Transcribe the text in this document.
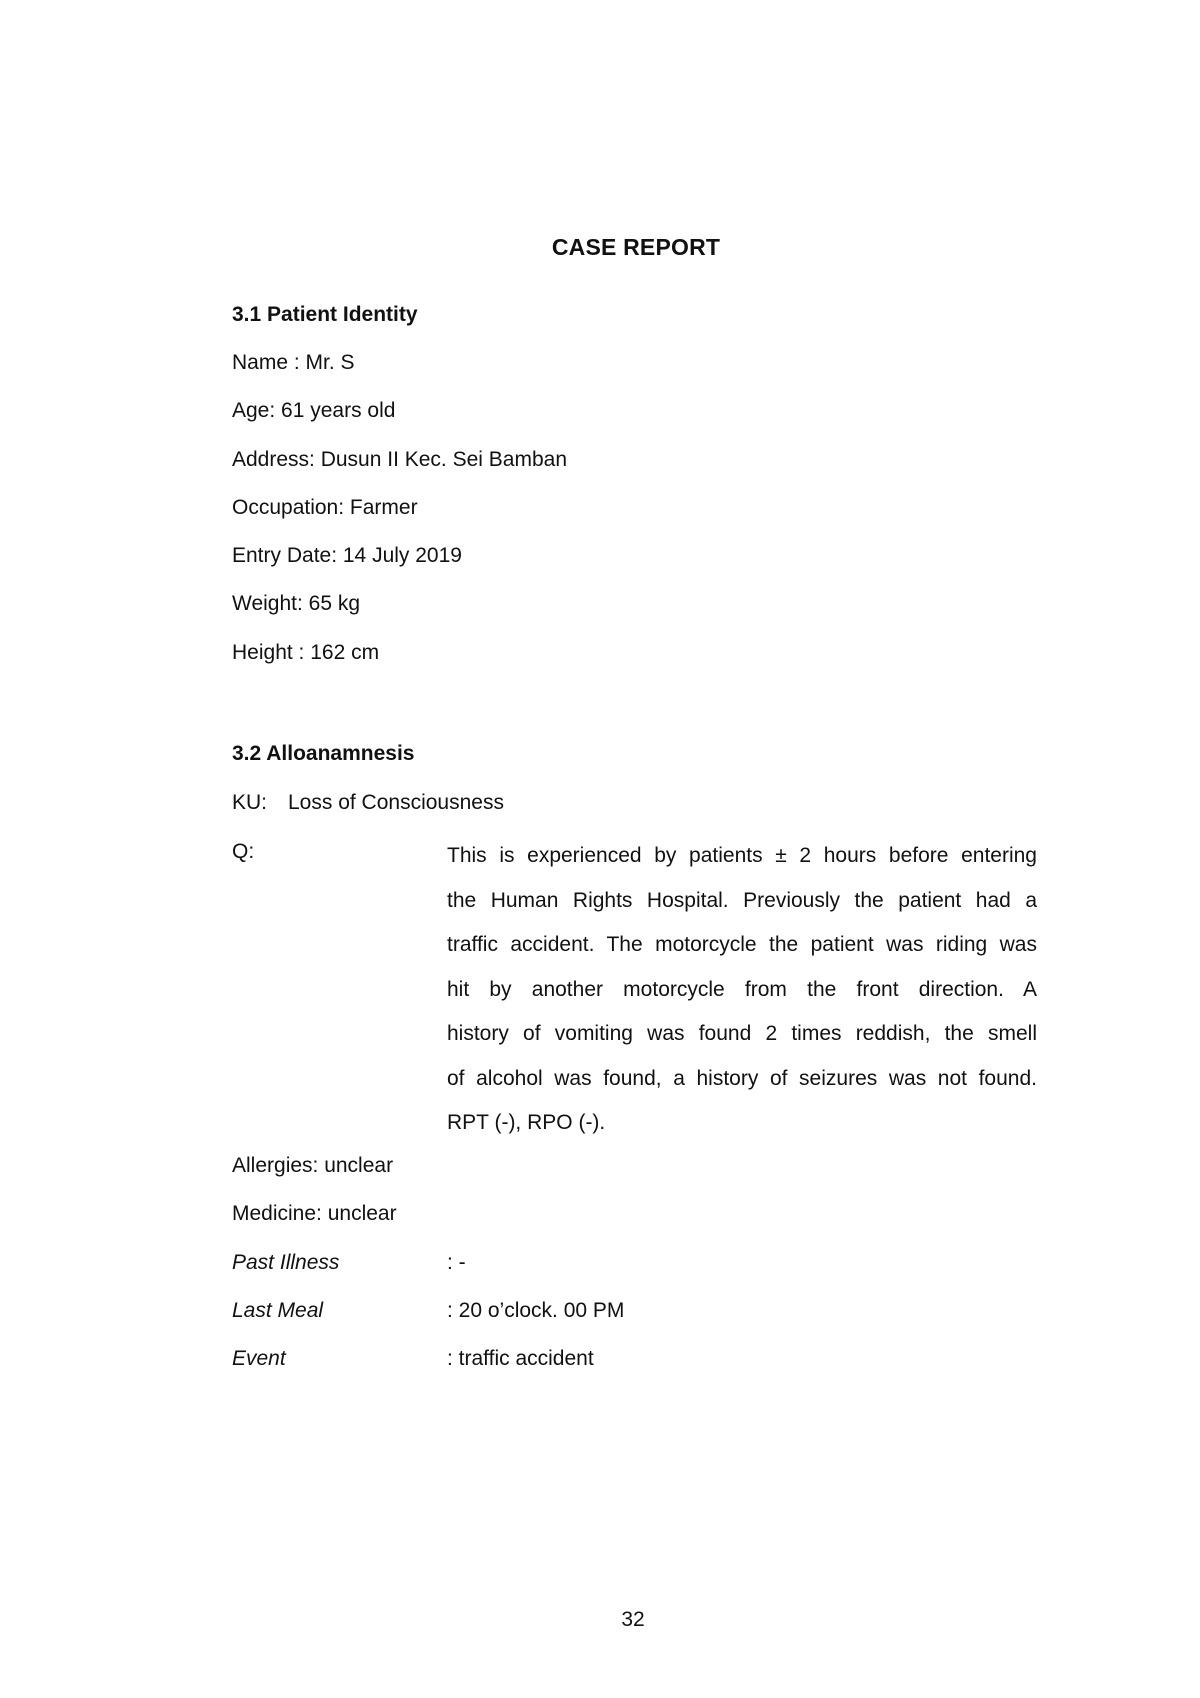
CASE REPORT
3.1 Patient Identity
Name : Mr. S
Age: 61 years old
Address: Dusun II Kec. Sei Bamban
Occupation: Farmer
Entry Date: 14 July 2019
Weight: 65 kg
Height : 162 cm
3.2 Alloanamnesis
KU: Loss of Consciousness
Q:	This is experienced by patients ± 2 hours before entering
the Human Rights Hospital. Previously the patient had a
traffic accident. The motorcycle the patient was riding was
hit by another motorcycle from the front direction. A
history of vomiting was found 2 times reddish, the smell
of alcohol was found, a history of seizures was not found.
RPT (-), RPO (-).
Allergies: unclear
Medicine: unclear
Past Illness	: -
Last Meal	: 20 o’clock. 00 PM
Event	: traffic accident
32
